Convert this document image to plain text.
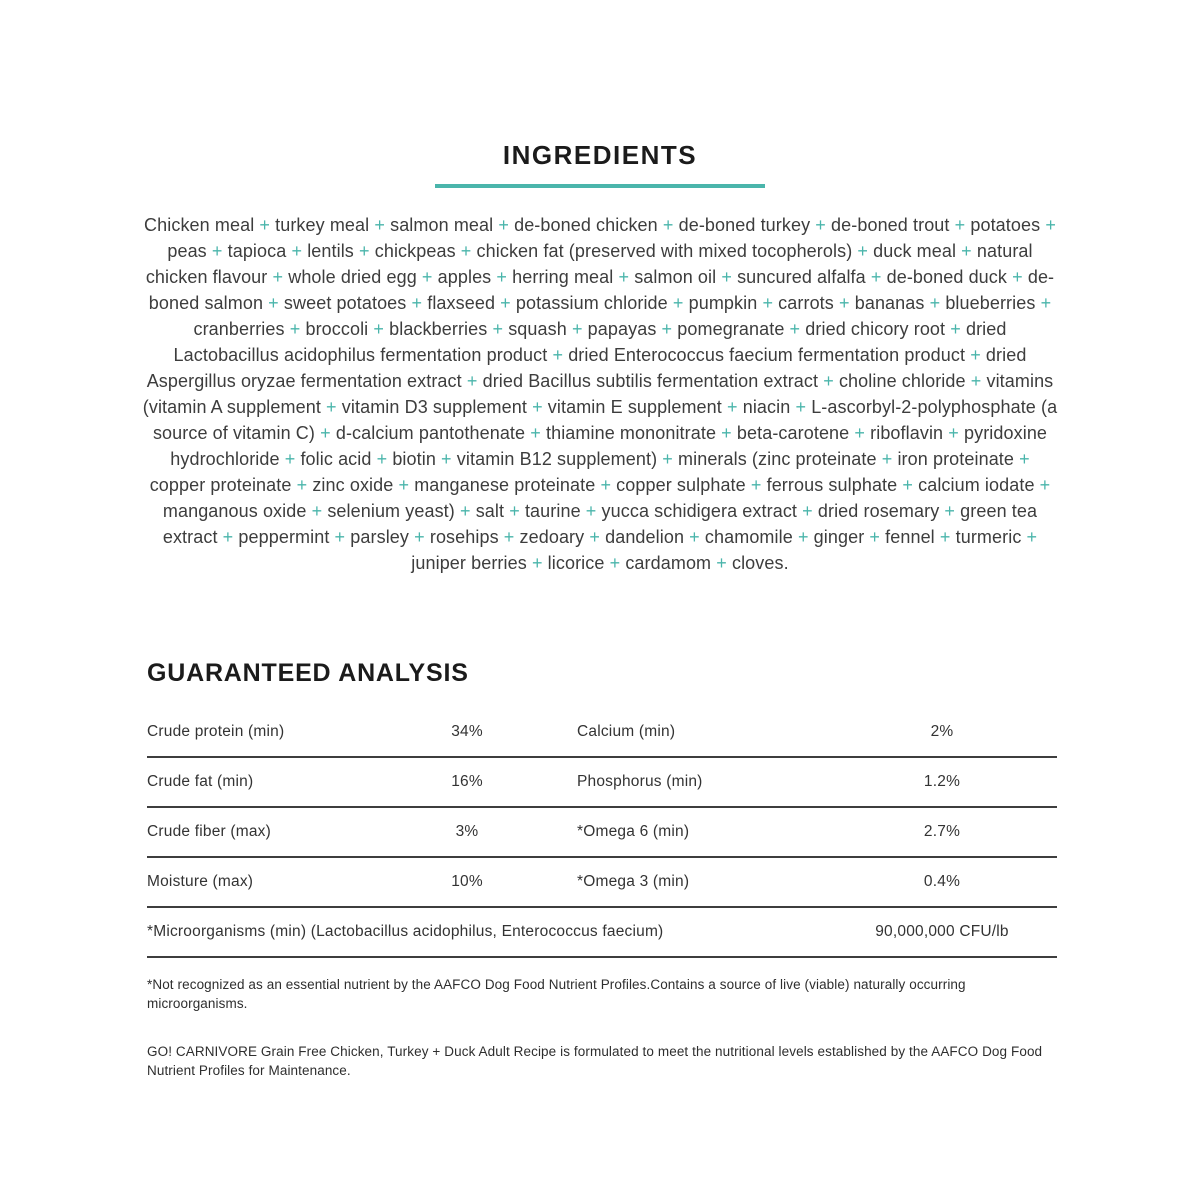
INGREDIENTS

Chicken meal + turkey meal + salmon meal + de-boned chicken + de-boned turkey + de-boned trout + potatoes + peas + tapioca + lentils + chickpeas + chicken fat (preserved with mixed tocopherols) + duck meal + natural chicken flavour + whole dried egg + apples + herring meal + salmon oil + suncured alfalfa + de-boned duck + de-boned salmon + sweet potatoes + flaxseed + potassium chloride + pumpkin + carrots + bananas + blueberries + cranberries + broccoli + blackberries + squash + papayas + pomegranate + dried chicory root + dried Lactobacillus acidophilus fermentation product + dried Enterococcus faecium fermentation product + dried Aspergillus oryzae fermentation extract + dried Bacillus subtilis fermentation extract + choline chloride + vitamins (vitamin A supplement + vitamin D3 supplement + vitamin E supplement + niacin + L-ascorbyl-2-polyphosphate (a source of vitamin C) + d-calcium pantothenate + thiamine mononitrate + beta-carotene + riboflavin + pyridoxine hydrochloride + folic acid + biotin + vitamin B12 supplement) + minerals (zinc proteinate + iron proteinate + copper proteinate + zinc oxide + manganese proteinate + copper sulphate + ferrous sulphate + calcium iodate + manganous oxide + selenium yeast) + salt + taurine + yucca schidigera extract + dried rosemary + green tea extract + peppermint + parsley + rosehips + zedoary + dandelion + chamomile + ginger + fennel + turmeric + juniper berries + licorice + cardamom + cloves.

GUARANTEED ANALYSIS
Crude protein (min)	34%	Calcium (min)	2%
Crude fat (min)	16%	Phosphorus (min)	1.2%
Crude fiber (max)	3%	*Omega 6 (min)	2.7%
Moisture (max)	10%	*Omega 3 (min)	0.4%
*Microorganisms (min) (Lactobacillus acidophilus, Enterococcus faecium)	90,000,000 CFU/lb

*Not recognized as an essential nutrient by the AAFCO Dog Food Nutrient Profiles.Contains a source of live (viable) naturally occurring microorganisms.

GO! CARNIVORE Grain Free Chicken, Turkey + Duck Adult Recipe is formulated to meet the nutritional levels established by the AAFCO Dog Food Nutrient Profiles for Maintenance.
